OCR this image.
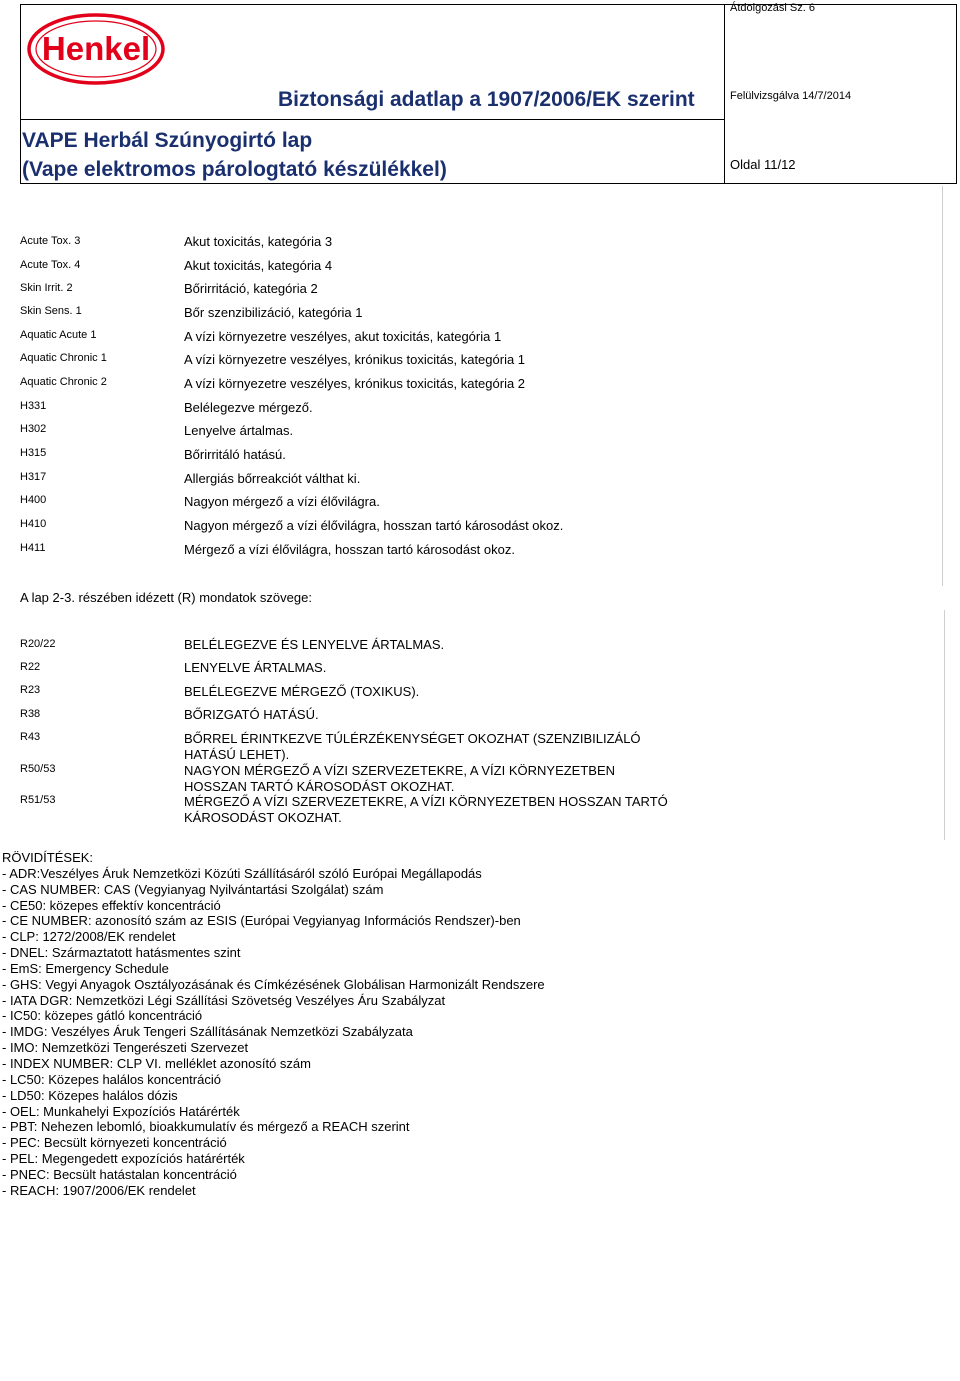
Henkel
Biztonsági adatlap a 1907/2006/EK szerint
VAPE Herbál Szúnyogirtó lap
(Vape elektromos párologtató készülékkel)
Átdolgozási Sz. 6
Felülvizsgálva 14/7/2014
Oldal 11/12
Acute Tox. 3	Akut toxicitás, kategória 3
Acute Tox. 4	Akut toxicitás, kategória 4
Skin Irrit. 2	Bőrirritáció, kategória 2
Skin Sens. 1	Bőr szenzibilizáció, kategória 1
Aquatic Acute 1	A vízi környezetre veszélyes, akut toxicitás, kategória 1
Aquatic Chronic 1	A vízi környezetre veszélyes, krónikus toxicitás, kategória 1
Aquatic Chronic 2	A vízi környezetre veszélyes, krónikus toxicitás, kategória 2
H331	Belélegezve mérgező.
H302	Lenyelve ártalmas.
H315	Bőrirritáló hatású.
H317	Allergiás bőrreakciót válthat ki.
H400	Nagyon mérgező a vízi élővilágra.
H410	Nagyon mérgező a vízi élővilágra, hosszan tartó károsodást okoz.
H411	Mérgező a vízi élővilágra, hosszan tartó károsodást okoz.
A lap 2-3. részében idézett (R) mondatok szövege:
R20/22	BELÉLEGEZVE ÉS LENYELVE ÁRTALMAS.
R22	LENYELVE ÁRTALMAS.
R23	BELÉLEGEZVE MÉRGEZŐ (TOXIKUS).
R38	BŐRIZGATÓ HATÁSÚ.
R43	BŐRREL ÉRINTKEZVE TÚLÉRZÉKENYSÉGET OKOZHAT (SZENZIBILIZÁLÓ HATÁSÚ LEHET).
R50/53	NAGYON MÉRGEZŐ A VÍZI SZERVEZETEKRE, A VÍZI KÖRNYEZETBEN HOSSZAN TARTÓ KÁROSODÁST OKOZHAT.
R51/53	MÉRGEZŐ A VÍZI SZERVEZETEKRE, A VÍZI KÖRNYEZETBEN HOSSZAN TARTÓ KÁROSODÁST OKOZHAT.
RÖVIDÍTÉSEK:
- ADR:Veszélyes Áruk Nemzetközi Közúti Szállításáról szóló Európai Megállapodás
- CAS NUMBER: CAS (Vegyianyag Nyilvántartási Szolgálat) szám
- CE50: közepes effektív koncentráció
- CE NUMBER: azonosító szám az ESIS (Európai Vegyianyag Információs Rendszer)-ben
- CLP: 1272/2008/EK rendelet
- DNEL: Származtatott hatásmentes szint
- EmS: Emergency Schedule
- GHS: Vegyi Anyagok Osztályozásának és Címkézésének Globálisan Harmonizált Rendszere
- IATA DGR: Nemzetközi Légi Szállítási Szövetség Veszélyes Áru Szabályzat
- IC50: közepes gátló koncentráció
- IMDG: Veszélyes Áruk Tengeri Szállításának Nemzetközi Szabályzata
- IMO: Nemzetközi Tengerészeti Szervezet
- INDEX NUMBER: CLP VI. melléklet azonosító szám
- LC50: Közepes halálos koncentráció
- LD50: Közepes halálos dózis
- OEL: Munkahelyi Expozíciós Határérték
- PBT: Nehezen lebomló, bioakkumulatív és mérgező a REACH szerint
- PEC: Becsült környezeti koncentráció
- PEL: Megengedett expozíciós határérték
- PNEC: Becsült hatástalan koncentráció
- REACH: 1907/2006/EK rendelet
